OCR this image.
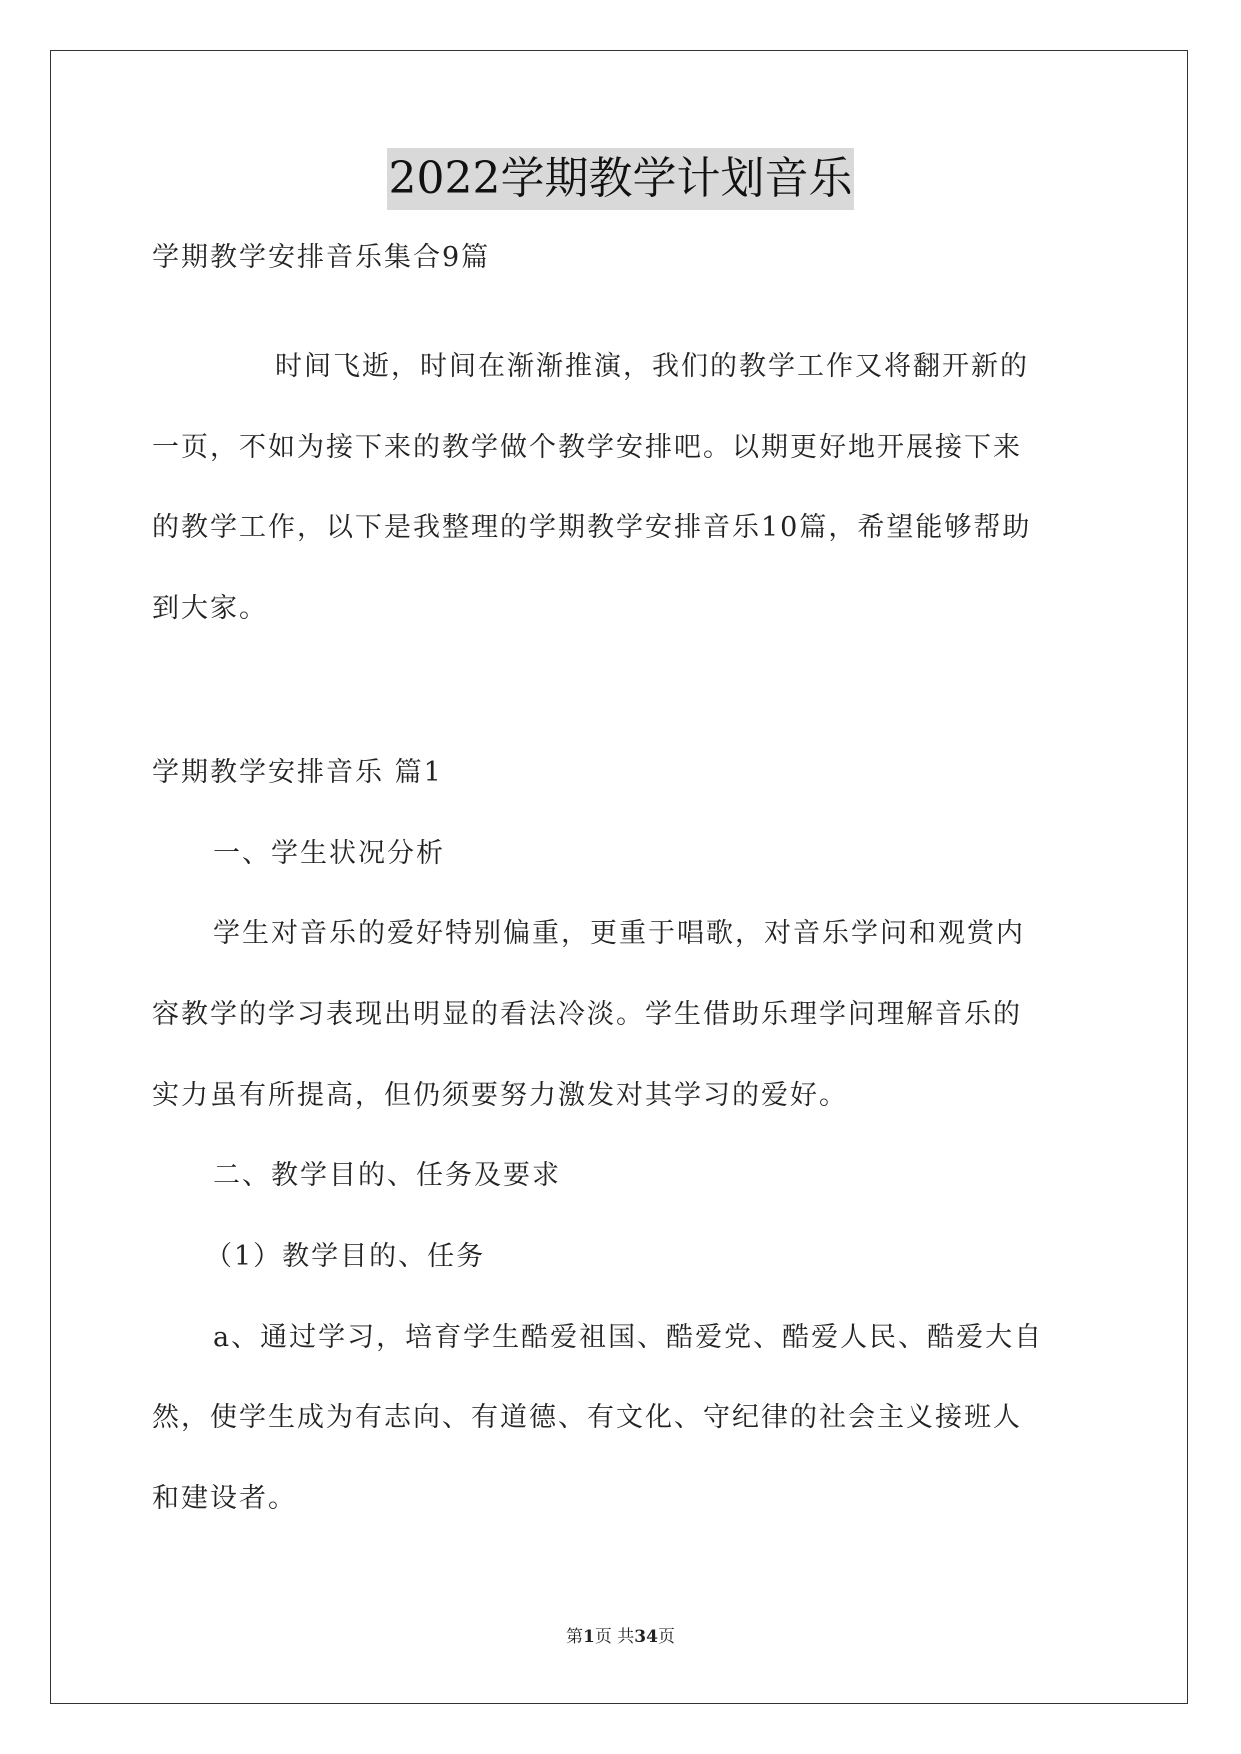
2022学期教学计划音乐
学期教学安排音乐集合9篇
时间飞逝，时间在渐渐推演，我们的教学工作又将翻开新的
一页，不如为接下来的教学做个教学安排吧。以期更好地开展接下来
的教学工作，以下是我整理的学期教学安排音乐10篇，希望能够帮助
到大家。
学期教学安排音乐 篇1
一、学生状况分析
学生对音乐的爱好特别偏重，更重于唱歌，对音乐学问和观赏内
容教学的学习表现出明显的看法冷淡。学生借助乐理学问理解音乐的
实力虽有所提高，但仍须要努力激发对其学习的爱好。
二、教学目的、任务及要求
（1）教学目的、任务
a、通过学习，培育学生酷爱祖国、酷爱党、酷爱人民、酷爱大自
然，使学生成为有志向、有道德、有文化、守纪律的社会主义接班人
和建设者。
第1页 共34页
